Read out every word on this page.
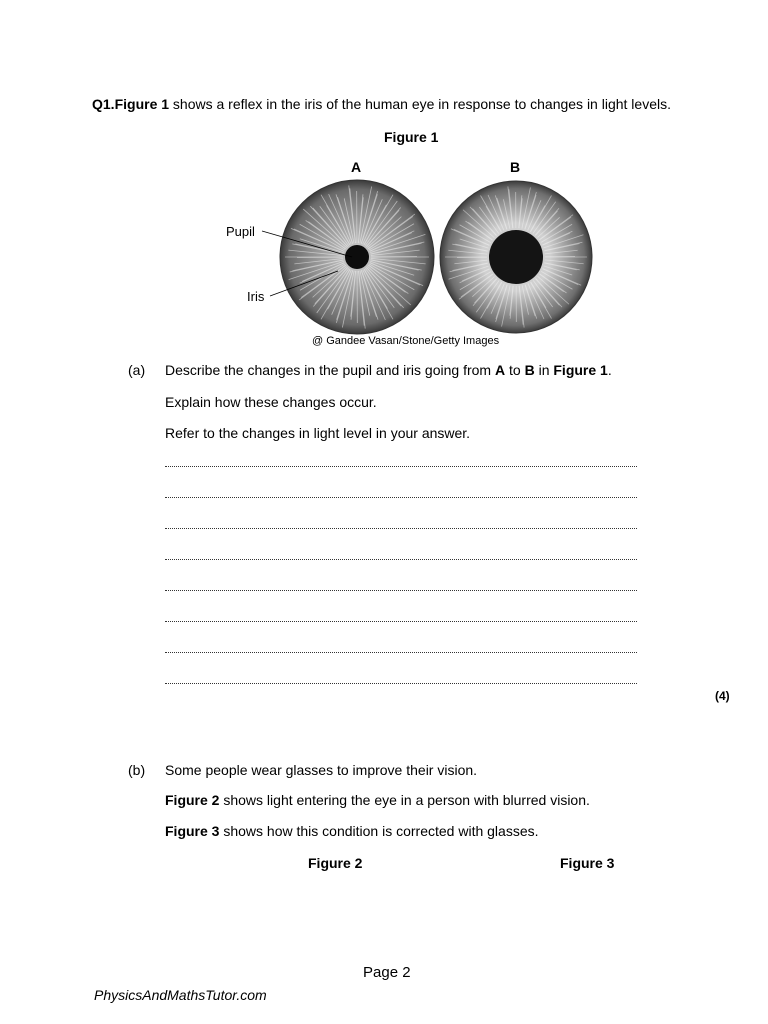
Q1.Figure 1 shows a reflex in the iris of the human eye in response to changes in light levels.
Figure 1
A	B
Pupil
Iris
@ Gandee Vasan/Stone/Getty Images
(a) Describe the changes in the pupil and iris going from A to B in Figure 1.
Explain how these changes occur.
Refer to the changes in light level in your answer.
(4)
(b) Some people wear glasses to improve their vision.
Figure 2 shows light entering the eye in a person with blurred vision.
Figure 3 shows how this condition is corrected with glasses.
Figure 2	Figure 3
Page 2
PhysicsAndMathsTutor.com
